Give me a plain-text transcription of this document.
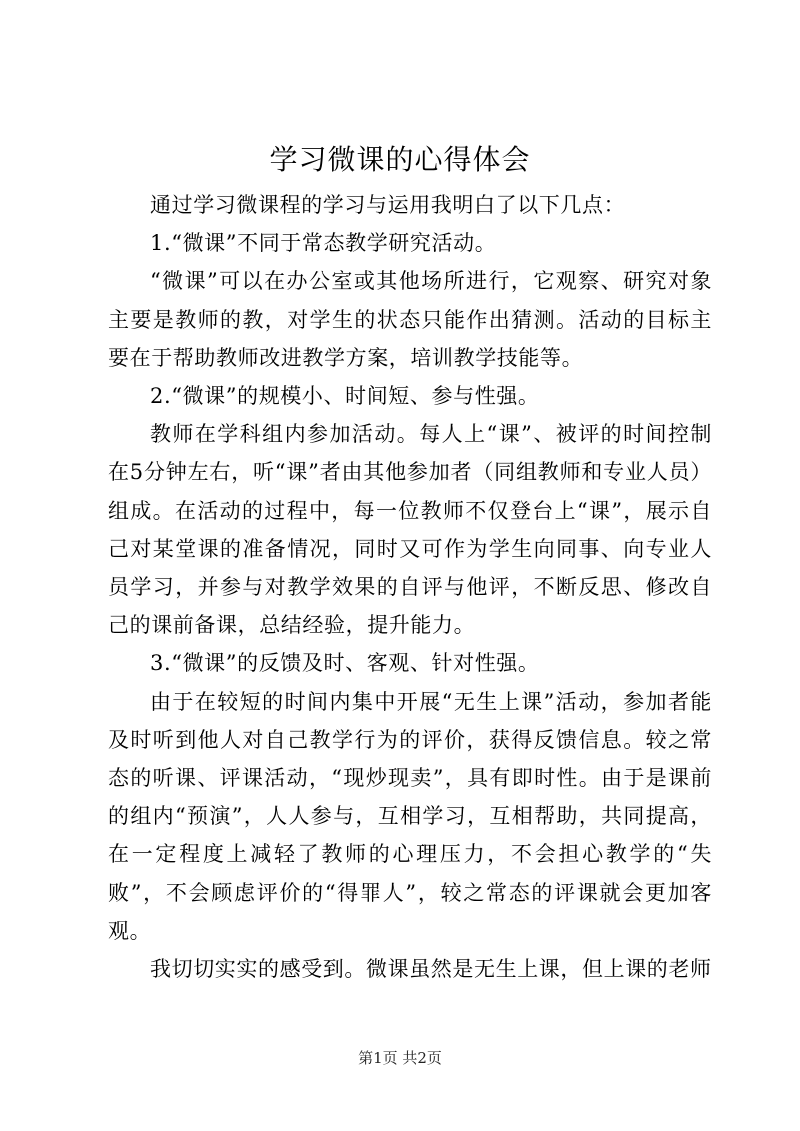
学习微课的心得体会

通过学习微课程的学习与运用我明白了以下几点：

1.“微课”不同于常态教学研究活动。

“微课”可以在办公室或其他场所进行，它观察、研究对象主要是教师的教，对学生的状态只能作出猜测。活动的目标主要在于帮助教师改进教学方案，培训教学技能等。

2.“微课”的规模小、时间短、参与性强。

教师在学科组内参加活动。每人上“课”、被评的时间控制在5分钟左右，听“课”者由其他参加者（同组教师和专业人员）组成。在活动的过程中，每一位教师不仅登台上“课”，展示自己对某堂课的准备情况，同时又可作为学生向同事、向专业人员学习，并参与对教学效果的自评与他评，不断反思、修改自己的课前备课，总结经验，提升能力。

3.“微课”的反馈及时、客观、针对性强。

由于在较短的时间内集中开展“无生上课”活动，参加者能及时听到他人对自己教学行为的评价，获得反馈信息。较之常态的听课、评课活动，“现炒现卖”，具有即时性。由于是课前的组内“预演”，人人参与，互相学习，互相帮助，共同提高，在一定程度上减轻了教师的心理压力，不会担心教学的“失败”，不会顾虑评价的“得罪人”，较之常态的评课就会更加客观。

我切切实实的感受到。微课虽然是无生上课，但上课的老师

第1页 共2页
